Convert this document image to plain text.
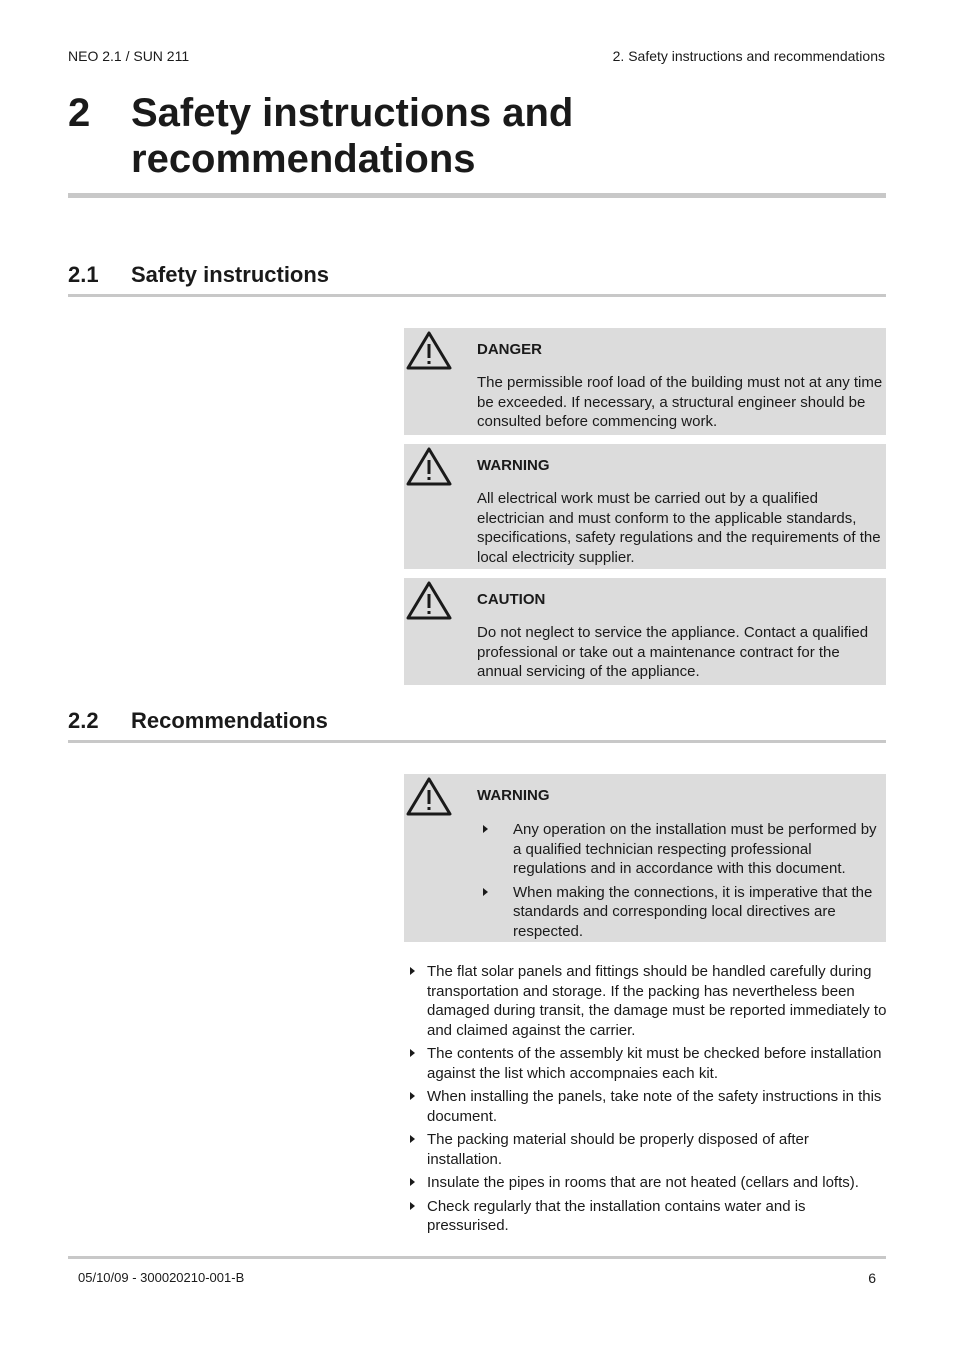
NEO 2.1 / SUN 211	2. Safety instructions and recommendations
2 Safety instructions and recommendations
2.1 Safety instructions
DANGER
The permissible roof load of the building must not at any time be exceeded. If necessary, a structural engineer should be consulted before commencing work.
WARNING
All electrical work must be carried out by a qualified electrician and must conform to the applicable standards, specifications, safety regulations and the requirements of the local electricity supplier.
CAUTION
Do not neglect to service the appliance. Contact a qualified professional or take out a maintenance contract for the annual servicing of the appliance.
2.2 Recommendations
WARNING
Any operation on the installation must be performed by a qualified technician respecting professional regulations and in accordance with this document.
When making the connections, it is imperative that the standards and corresponding local directives are respected.
The flat solar panels and fittings should be handled carefully during transportation and storage. If the packing has nevertheless been damaged during transit, the damage must be reported immediately to and claimed against the carrier.
The contents of the assembly kit must be checked before installation against the list which accompnaies each kit.
When installing the panels, take note of the safety instructions in this document.
The packing material should be properly disposed of after installation.
Insulate the pipes in rooms that are not heated (cellars and lofts).
Check regularly that the installation contains water and is pressurised.
05/10/09 - 300020210-001-B	6
